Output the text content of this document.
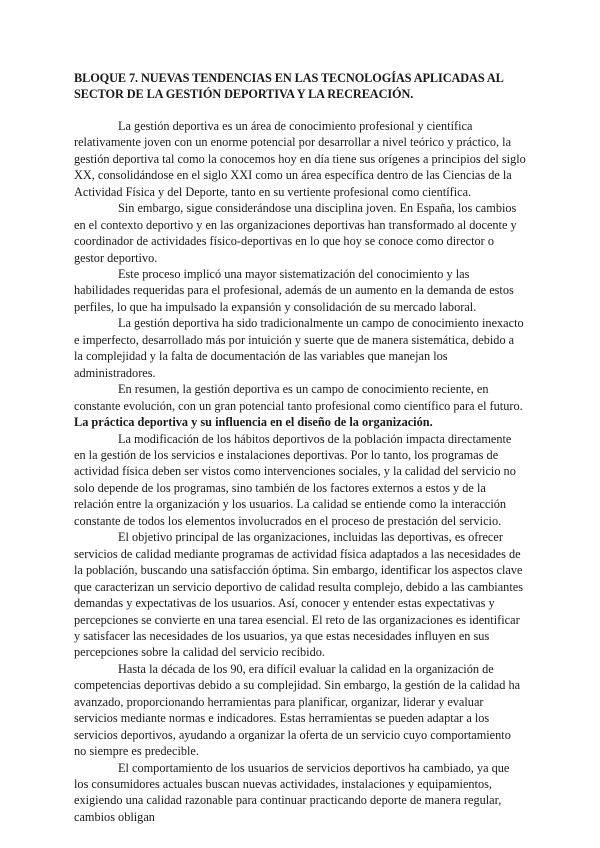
BLOQUE 7. NUEVAS TENDENCIAS EN LAS TECNOLOGÍAS APLICADAS AL SECTOR DE LA GESTIÓN DEPORTIVA Y LA RECREACIÓN.

La gestión deportiva es un área de conocimiento profesional y científica relativamente joven con un enorme potencial por desarrollar a nivel teórico y práctico, la gestión deportiva tal como la conocemos hoy en día tiene sus orígenes a principios del siglo XX, consolidándose en el siglo XXI como un área específica dentro de las Ciencias de la Actividad Física y del Deporte, tanto en su vertiente profesional como científica.

Sin embargo, sigue considerándose una disciplina joven. En España, los cambios en el contexto deportivo y en las organizaciones deportivas han transformado al docente y coordinador de actividades físico-deportivas en lo que hoy se conoce como director o gestor deportivo.

Este proceso implicó una mayor sistematización del conocimiento y las habilidades requeridas para el profesional, además de un aumento en la demanda de estos perfiles, lo que ha impulsado la expansión y consolidación de su mercado laboral.

La gestión deportiva ha sido tradicionalmente un campo de conocimiento inexacto e imperfecto, desarrollado más por intuición y suerte que de manera sistemática, debido a la complejidad y la falta de documentación de las variables que manejan los administradores.

En resumen, la gestión deportiva es un campo de conocimiento reciente, en constante evolución, con un gran potencial tanto profesional como científico para el futuro.

La práctica deportiva y su influencia en el diseño de la organización.

La modificación de los hábitos deportivos de la población impacta directamente en la gestión de los servicios e instalaciones deportivas. Por lo tanto, los programas de actividad física deben ser vistos como intervenciones sociales, y la calidad del servicio no solo depende de los programas, sino también de los factores externos a estos y de la relación entre la organización y los usuarios. La calidad se entiende como la interacción constante de todos los elementos involucrados en el proceso de prestación del servicio.

El objetivo principal de las organizaciones, incluidas las deportivas, es ofrecer servicios de calidad mediante programas de actividad física adaptados a las necesidades de la población, buscando una satisfacción óptima. Sin embargo, identificar los aspectos clave que caracterizan un servicio deportivo de calidad resulta complejo, debido a las cambiantes demandas y expectativas de los usuarios. Así, conocer y entender estas expectativas y percepciones se convierte en una tarea esencial. El reto de las organizaciones es identificar y satisfacer las necesidades de los usuarios, ya que estas necesidades influyen en sus percepciones sobre la calidad del servicio recibido.

Hasta la década de los 90, era difícil evaluar la calidad en la organización de competencias deportivas debido a su complejidad. Sin embargo, la gestión de la calidad ha avanzado, proporcionando herramientas para planificar, organizar, liderar y evaluar servicios mediante normas e indicadores. Estas herramientas se pueden adaptar a los servicios deportivos, ayudando a organizar la oferta de un servicio cuyo comportamiento no siempre es predecible.

El comportamiento de los usuarios de servicios deportivos ha cambiado, ya que los consumidores actuales buscan nuevas actividades, instalaciones y equipamientos, exigiendo una calidad razonable para continuar practicando deporte de manera regular, cambios obligan
